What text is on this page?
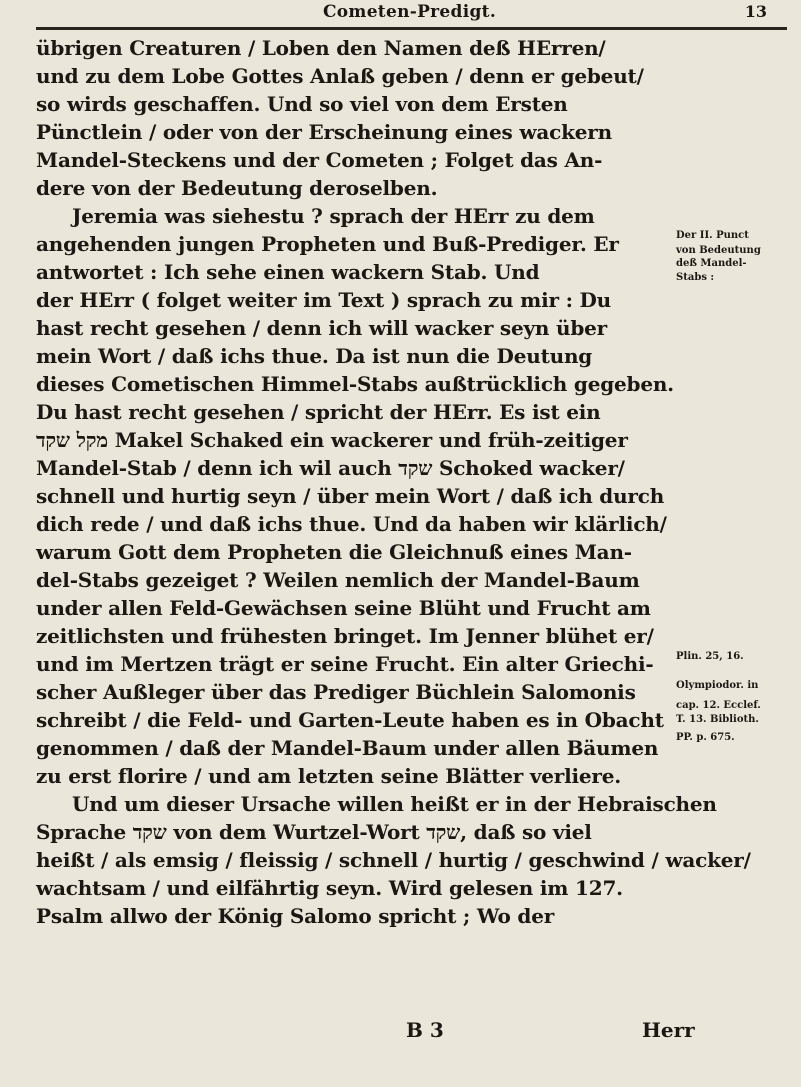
Cometen-Predigt.	13
übrigen Creaturen / Loben den Namen deß HErren/
und zu dem Lobe Gottes Anlaß geben / denn er gebeut/
so wirds geschaffen. Und so viel von dem Ersten
Pünctlein / oder von der Erscheinung eines wackern
Mandel-Steckens und der Cometen ; Folget das An-
dere von der Bedeutung deroselben.
Jeremia was siehestu ? sprach der HErr zu dem
angehenden jungen Propheten und Buß-Prediger. Er
antwortet : Ich sehe einen wackern Stab. Und
der HErr ( folget weiter im Text ) sprach zu mir : Du
hast recht gesehen / denn ich will wacker seyn über
mein Wort / daß ichs thue. Da ist nun die Deutung
dieses Cometischen Himmel-Stabs außtrücklich gegeben.
Du hast recht gesehen / spricht der HErr. Es ist ein
מקל שקד Makel Schaked ein wackerer und früh-zeitiger
Mandel-Stab / denn ich wil auch שקד Schoked wacker/
schnell und hurtig seyn / über mein Wort / daß ich durch
dich rede / und daß ichs thue. Und da haben wir klärlich/
warum Gott dem Propheten die Gleichnuß eines Man-
del-Stabs gezeiget ? Weilen nemlich der Mandel-Baum
under allen Feld-Gewächsen seine Blüht und Frucht am
zeitlichsten und frühesten bringet. Im Jenner blühet er/
und im Mertzen trägt er seine Frucht. Ein alter Griechi-
scher Außleger über das Prediger Büchlein Salomonis
schreibt / die Feld- und Garten-Leute haben es in Obacht
genommen / daß der Mandel-Baum under allen Bäumen
zu erst florire / und am letzten seine Blätter verliere.
Und um dieser Ursache willen heißt er in der Hebraischen
Sprache שקד von dem Wurtzel-Wort שקד, daß so viel
heißt / als emsig / fleissig / schnell / hurtig / geschwind / wacker/
wachtsam / und eilfährtig seyn. Wird gelesen im 127.
Psalm allwo der König Salomo spricht ; Wo der
B 3	Herr
Der II. Punct
von Bedeutung
deß Mandel-
Stabs :
Plin. 25, 16.
Olympiodor. in
cap. 12. Ecclef.
T. 13. Biblioth.
PP. p. 675.
